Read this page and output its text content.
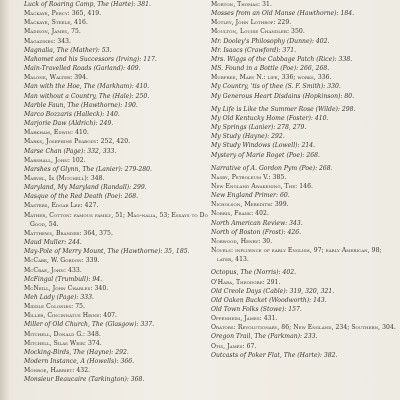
Luck of Roaring Camp, The (Harte): 381.
Mackaye, Percy: 365, 419.
Mackaye, Steele, 416.
Madison, James, 75.
Magazines: 343.
Magnalia, The (Mather): 53.
Mahomet and his Successors (Irving): 117.
Main-Travelled Roads (Garland): 409.
Malone, Walter: 394.
Man with the Hoe, The (Markham): 410.
Man without a Country, The (Hale): 250.
Marble Faun, The (Hawthorne): 190.
Marco Bozzaris (Halleck): 140.
Marjorie Daw (Aldrich): 249.
Markham, Edwin: 410.
Marks, Josephine Peabody: 252, 420.
Marse Chan (Page): 332, 333.
Marshall, John: 102.
Marshes of Glynn, The (Lanier): 279-280.
Marvel, Ik (Mitchell): 348.
Maryland, My Maryland (Randall): 299.
Masque of the Red Death (Poe): 268.
Masters, Edgar Lee: 427.
Mather, Cotton: famous family, 51; Mag-nalia, 53; Essays to Do Good, 54.
Matthews, Brander: 364, 375.
Maud Muller: 244.
May-Pole of Merry Mount, The (Hawthorne): 35, 185.
McCabe, W. Gordon: 339.
McCrae, John: 433.
McFingal (Trumbull): 94.
McNeill, John Charles: 340.
Meh Lady (Page): 333.
Middle Colonies: 75.
Miller, Cincinnatus Heine: 407.
Miller of Old Church, The (Glasgow): 337.
Mitchell, Donald G.: 348.
Mitchell, Silas Weir: 374.
Mocking-Birds, The (Hayne): 292.
Modern Instance, A (Howells): 366.
Monroe, Harriet: 432.
Monsieur Beaucaire (Tarkington): 368.
Morton, Thomas: 31.
Mosses from an Old Manse (Hawthorne): 184.
Motley, John Lothrop: 229.
Moulton, Louise Chandler: 350.
Mr. Dooley's Philosophy (Dunne): 402.
Mr. Isaacs (Crawford): 371.
Mrs. Wiggs of the Cabbage Patch (Rice): 338.
MS. Found in a Bottle (Poe): 266, 268.
Murfree, Mary N.: life, 336; works, 336.
My Country, 'tis of thee (S. F. Smith): 330.
My Generous Heart Disdains (Hopkinson): 80.
My Life is Like the Summer Rose (Wilde): 298.
My Old Kentucky Home (Foster): 410.
My Springs (Lanier): 278, 279.
My Study (Hayne): 292.
My Study Windows (Lowell): 214.
Mystery of Marie Roget (Poe): 268.
Narrative of A. Gordon Pym (Poe): 268.
Nasby, Petroleum V.: 385.
New England Awakening, The: 146.
New England Primer: 60.
Nicholson, Meredith: 399.
Norris, Frank: 402.
North American Review: 343.
North of Boston (Frost): 426.
Norwood, Henry: 30.
Novels: influence of early English, 97; early American, 98; later, 413.
Octopus, The (Norris): 402.
O'Hara, Theodore: 291.
Old Creole Days (Cable): 319, 320, 321.
Old Oaken Bucket (Woodworth): 143.
Old Town Folks (Stowe): 157.
Oppenheim, James: 431.
Orators: Revolutionary, 86; New England, 234; Southern, 304.
Oregon Trail, The (Parkman): 233.
Otis, James: 67.
Outcasts of Poker Flat, The (Harte): 382.
